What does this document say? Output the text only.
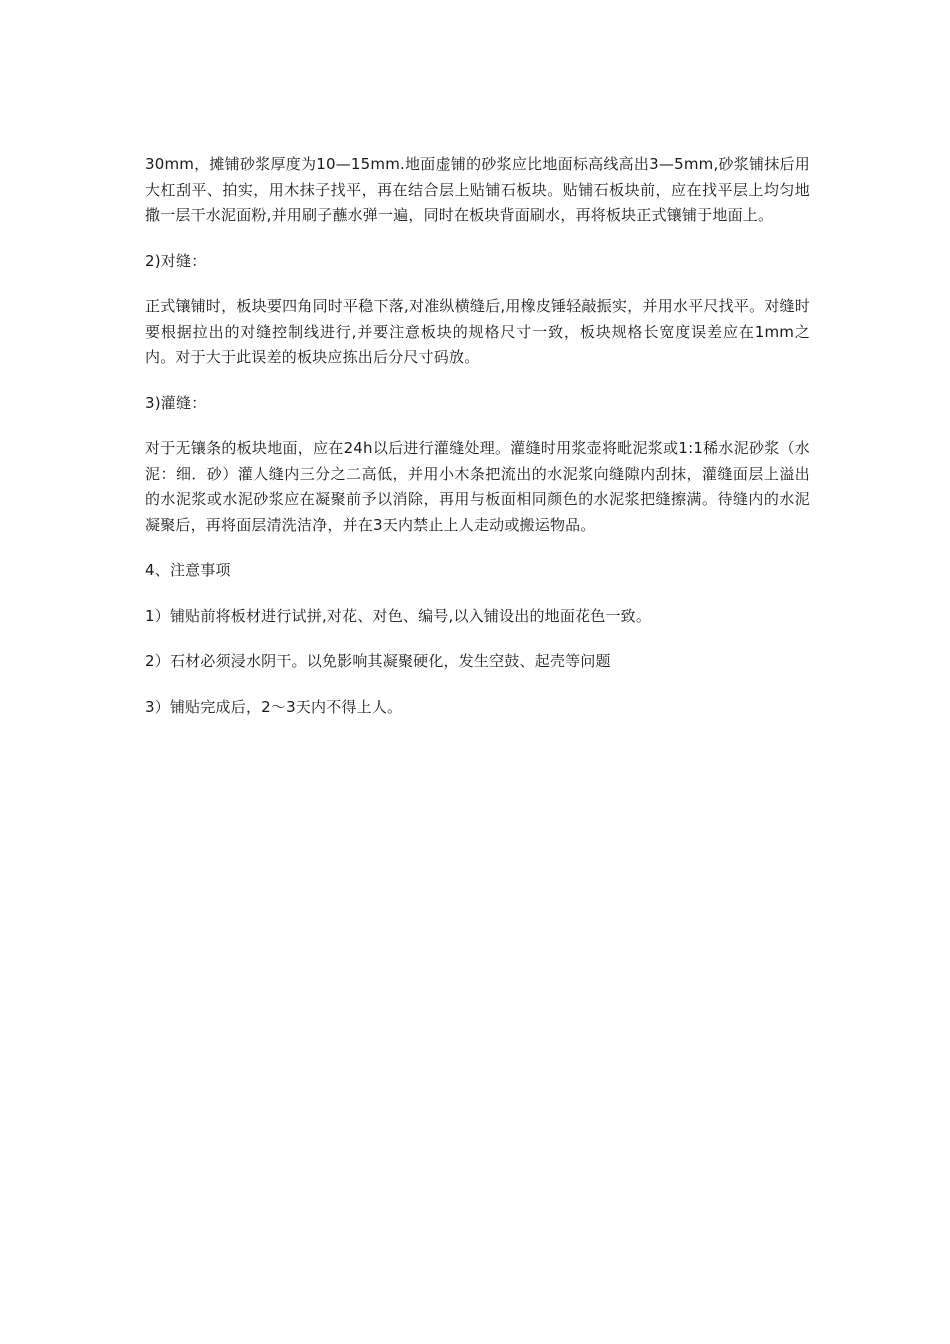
30mm，摊铺砂浆厚度为10—15mm.地面虚铺的砂浆应比地面标高线高出3—5mm,砂浆铺抹后用大杠刮平、拍实，用木抹子找平，再在结合层上贴铺石板块。贴铺石板块前，应在找平层上均匀地撒一层干水泥面粉,并用刷子蘸水弹一遍，同时在板块背面刷水，再将板块正式镶铺于地面上。

2)对缝：

正式镶铺时，板块要四角同时平稳下落,对准纵横缝后,用橡皮锤轻敲振实，并用水平尺找平。对缝时要根据拉出的对缝控制线进行,并要注意板块的规格尺寸一致，板块规格长宽度误差应在1mm之内。对于大于此误差的板块应拣出后分尺寸码放。

3)灌缝：

对于无镶条的板块地面，应在24h以后进行灌缝处理。灌缝时用浆壶将毗泥浆或1:1稀水泥砂浆（水泥：细．砂）灌人缝内三分之二高低，并用小木条把流出的水泥浆向缝隙内刮抹，灌缝面层上溢出的水泥浆或水泥砂浆应在凝聚前予以消除，再用与板面相同颜色的水泥浆把缝擦满。待缝内的水泥凝聚后，再将面层清洗洁净，并在3天内禁止上人走动或搬运物品。

4、注意事项

1）铺贴前将板材进行试拼,对花、对色、编号,以入铺设出的地面花色一致。

2）石材必须浸水阴干。以免影响其凝聚硬化，发生空鼓、起壳等问题

3）铺贴完成后，2～3天内不得上人。
